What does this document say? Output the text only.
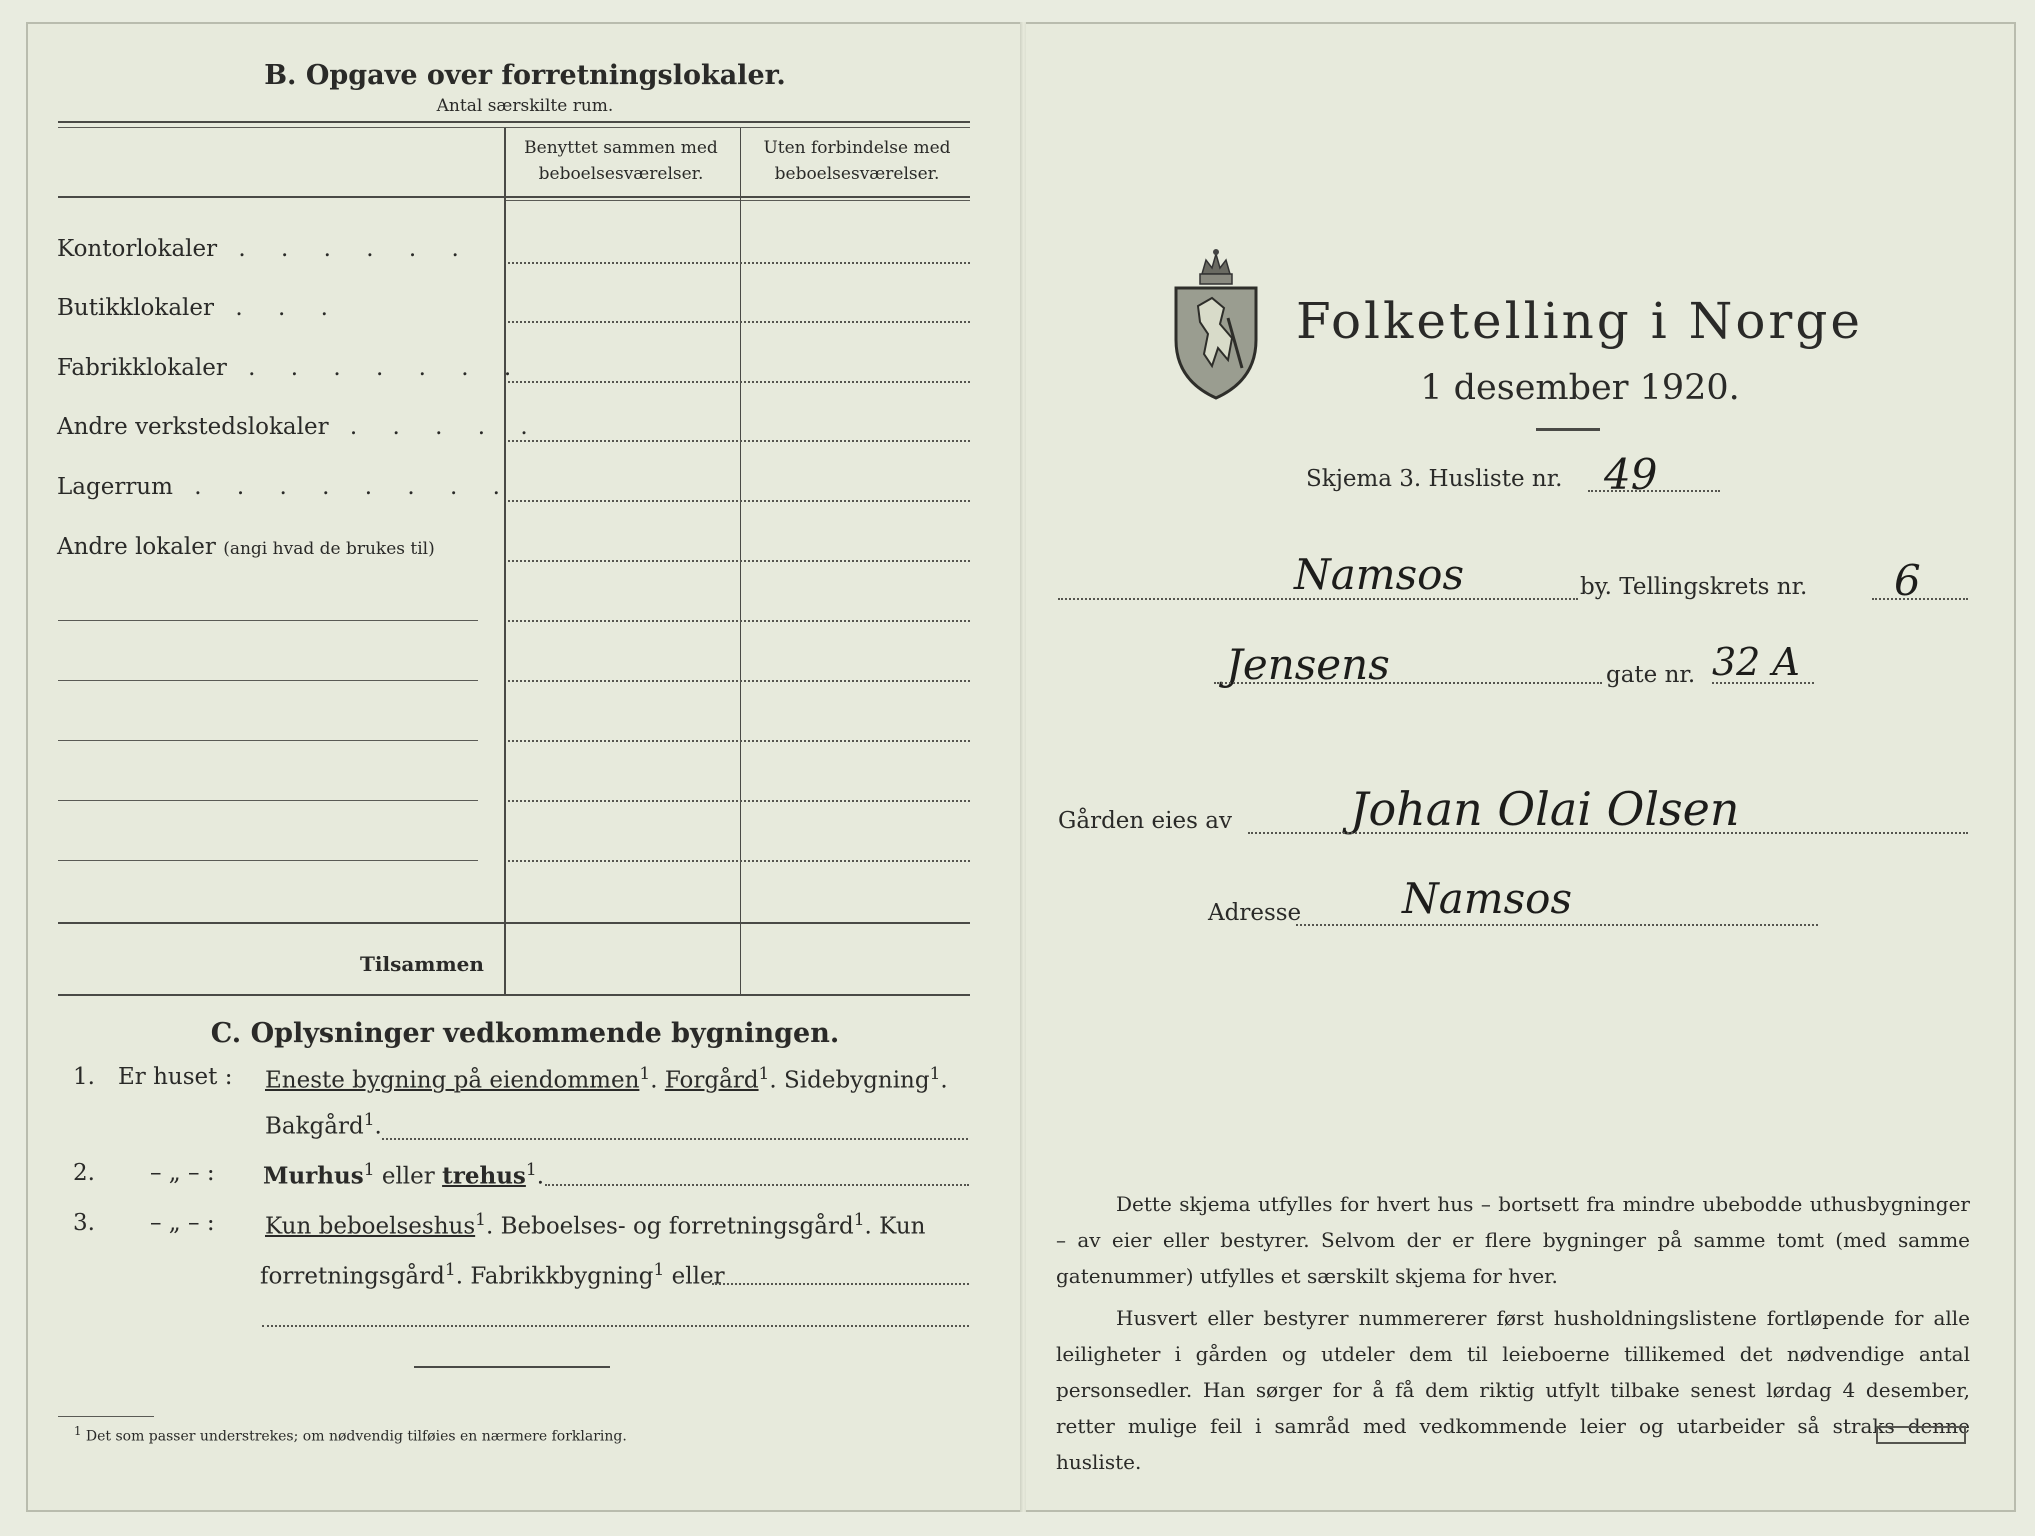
B. Opgave over forretningslokaler.
Antal særskilte rum.
Benyttet sammen med
beboelsesværelser.
Uten forbindelse med
beboelsesværelser.
Kontorlokaler . . . . . .
Butikklokaler . . .
Fabrikklokaler . . . . . . .
Andre verkstedslokaler . . . . .
Lagerrum . . . . . . . .
Andre lokaler (angi hvad de brukes til)
Tilsammen
C. Oplysninger vedkommende bygningen.
1. Er huset : Eneste bygning på eiendommen$^1$. Forgård$^1$. Sidebygning$^1$.
Bakgård$^1$.
2. – „ – : Murhus$^1$ eller trehus$^1$.
3. – „ – : Kun beboelseshus$^1$. Beboelses- og forretningsgård$^1$. Kun
forretningsgård$^1$. Fabrikkbygning$^1$ eller
$^1$ Det som passer understrekes; om nødvendig tilføies en nærmere forklaring.
Folketelling i Norge
1 desember 1920.
Skjema 3. Husliste nr. 49
Namsos	by. Tellingskrets nr. 6
Jensens	gate nr. 32 A
Gården eies av	Johan Olai Olsen
Adresse Namsos
Dette skjema utfylles for hvert hus – bortsett fra mindre ubebodde uthusbygninger – av eier eller bestyrer. Selvom der er flere bygninger på samme tomt (med samme gatenummer) utfylles et særskilt skjema for hver.
Husvert eller bestyrer nummererer først husholdningslistene fortløpende for alle leiligheter i gården og utdeler dem til leieboerne tillikemed det nødvendige antal personsedler. Han sørger for å få dem riktig utfylt tilbake senest lørdag 4 desember, retter mulige feil i samråd med vedkommende leier og utarbeider så straks denne husliste.
